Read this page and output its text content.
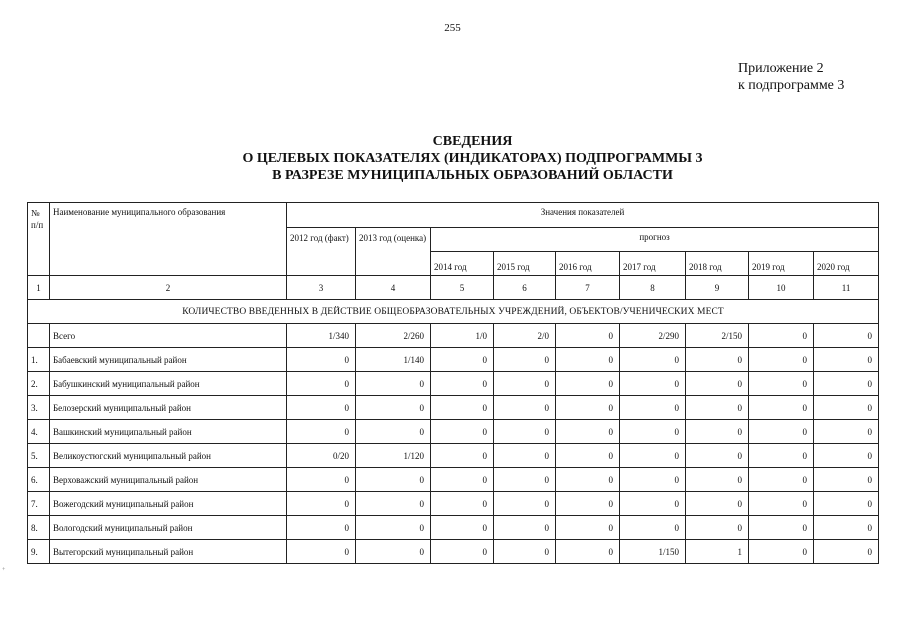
255
Приложение 2
к подпрограмме 3
СВЕДЕНИЯ
О ЦЕЛЕВЫХ ПОКАЗАТЕЛЯХ (ИНДИКАТОРАХ) ПОДПРОГРАММЫ 3
В РАЗРЕЗЕ МУНИЦИПАЛЬНЫХ ОБРАЗОВАНИЙ ОБЛАСТИ
№ п/п	Наименование муниципального образования	Значения показателей								
		2012 год (факт)	2013 год (оценка)	прогноз						
				2014 год	2015 год	2016 год	2017 год	2018 год	2019 год	2020 год
1	2	3	4	5	6	7	8	9	10	11
КОЛИЧЕСТВО ВВЕДЕННЫХ В ДЕЙСТВИЕ ОБЩЕОБРАЗОВАТЕЛЬНЫХ УЧРЕЖДЕНИЙ, ОБЪЕКТОВ/УЧЕНИЧЕСКИХ МЕСТ										
	Всего	1/340	2/260	1/0	2/0	0	2/290	2/150	0	0
1.	Бабаевский муниципальный район	0	1/140	0	0	0	0	0	0	0
2.	Бабушкинский муниципальный район	0	0	0	0	0	0	0	0	0
3.	Белозерский муниципальный район	0	0	0	0	0	0	0	0	0
4.	Вашкинский муниципальный район	0	0	0	0	0	0	0	0	0
5.	Великоустюгский муниципальный район	0/20	1/120	0	0	0	0	0	0	0
6.	Верховажский муниципальный район	0	0	0	0	0	0	0	0	0
7.	Вожегодский муниципальный район	0	0	0	0	0	0	0	0	0
8.	Вологодский муниципальный район	0	0	0	0	0	0	0	0	0
9.	Вытегорский муниципальный район	0	0	0	0	0	1/150	1	0	0
+
